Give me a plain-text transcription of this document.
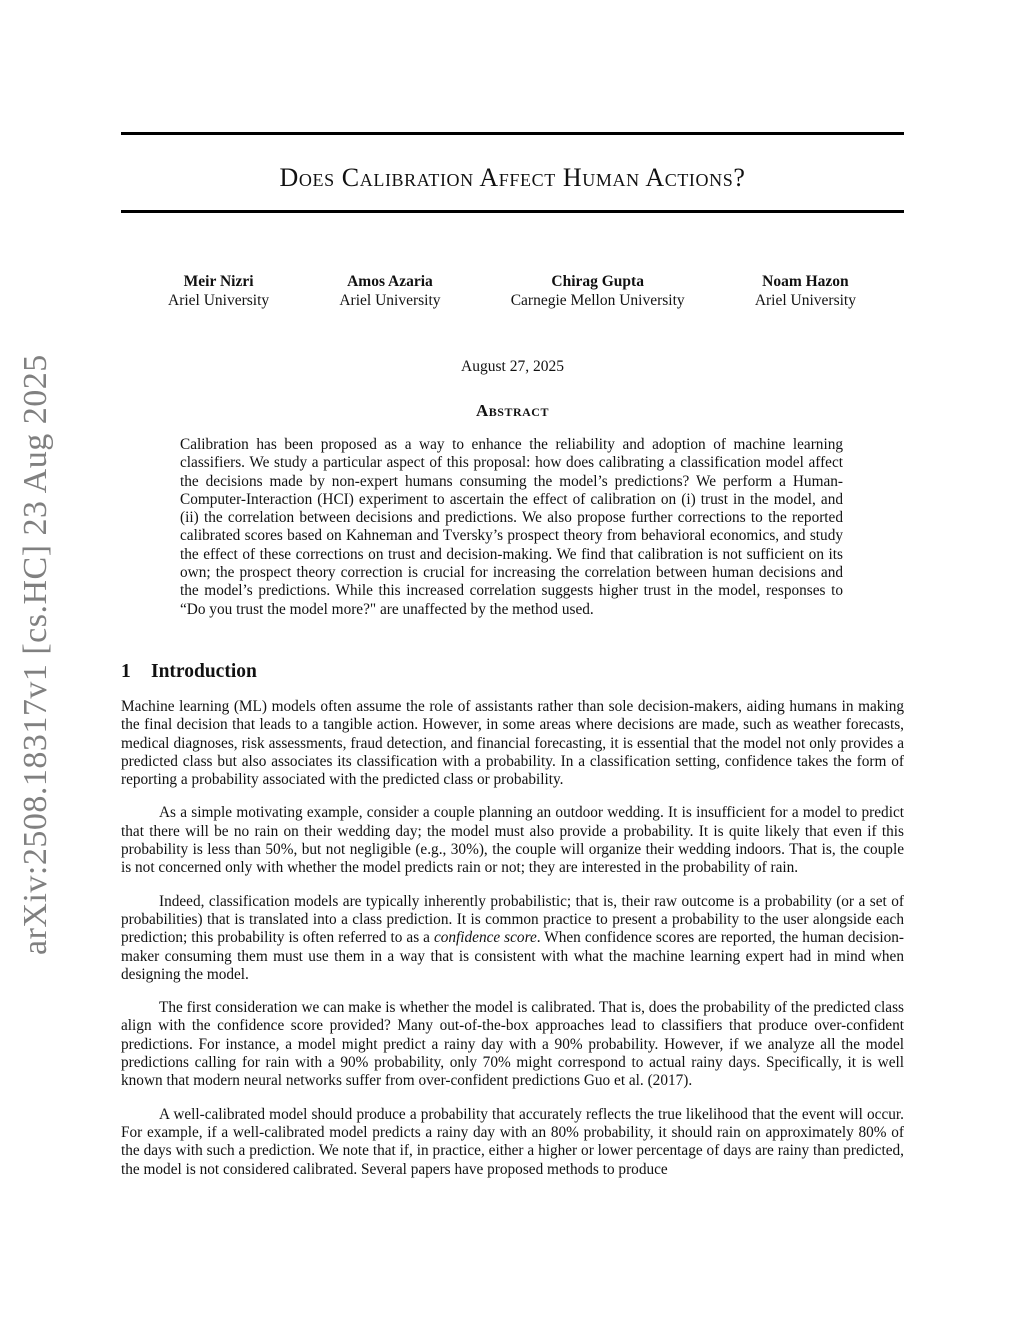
arXiv:2508.18317v1 [cs.HC] 23 Aug 2025
Does Calibration Affect Human Actions?
Meir Nizri
Ariel University
Amos Azaria
Ariel University
Chirag Gupta
Carnegie Mellon University
Noam Hazon
Ariel University
August 27, 2025
Abstract

Calibration has been proposed as a way to enhance the reliability and adoption of machine learning classifiers. We study a particular aspect of this proposal: how does calibrating a classification model affect the decisions made by non-expert humans consuming the model’s predictions? We perform a Human-Computer-Interaction (HCI) experiment to ascertain the effect of calibration on (i) trust in the model, and (ii) the correlation between decisions and predictions. We also propose further corrections to the reported calibrated scores based on Kahneman and Tversky’s prospect theory from behavioral economics, and study the effect of these corrections on trust and decision-making. We find that calibration is not sufficient on its own; the prospect theory correction is crucial for increasing the correlation between human decisions and the model’s predictions. While this increased correlation suggests higher trust in the model, responses to “Do you trust the model more?" are unaffected by the method used.

1 Introduction

Machine learning (ML) models often assume the role of assistants rather than sole decision-makers, aiding humans in making the final decision that leads to a tangible action. However, in some areas where decisions are made, such as weather forecasts, medical diagnoses, risk assessments, fraud detection, and financial forecasting, it is essential that the model not only provides a predicted class but also associates its classification with a probability. In a classification setting, confidence takes the form of reporting a probability associated with the predicted class or probability.

As a simple motivating example, consider a couple planning an outdoor wedding. It is insufficient for a model to predict that there will be no rain on their wedding day; the model must also provide a probability. It is quite likely that even if this probability is less than 50%, but not negligible (e.g., 30%), the couple will organize their wedding indoors. That is, the couple is not concerned only with whether the model predicts rain or not; they are interested in the probability of rain.

Indeed, classification models are typically inherently probabilistic; that is, their raw outcome is a probability (or a set of probabilities) that is translated into a class prediction. It is common practice to present a probability to the user alongside each prediction; this probability is often referred to as a confidence score. When confidence scores are reported, the human decision-maker consuming them must use them in a way that is consistent with what the machine learning expert had in mind when designing the model.

The first consideration we can make is whether the model is calibrated. That is, does the probability of the predicted class align with the confidence score provided? Many out-of-the-box approaches lead to classifiers that produce over-confident predictions. For instance, a model might predict a rainy day with a 90% probability. However, if we analyze all the model predictions calling for rain with a 90% probability, only 70% might correspond to actual rainy days. Specifically, it is well known that modern neural networks suffer from over-confident predictions Guo et al. (2017).

A well-calibrated model should produce a probability that accurately reflects the true likelihood that the event will occur. For example, if a well-calibrated model predicts a rainy day with an 80% probability, it should rain on approximately 80% of the days with such a prediction. We note that if, in practice, either a higher or lower percentage of days are rainy than predicted, the model is not considered calibrated. Several papers have proposed methods to produce
